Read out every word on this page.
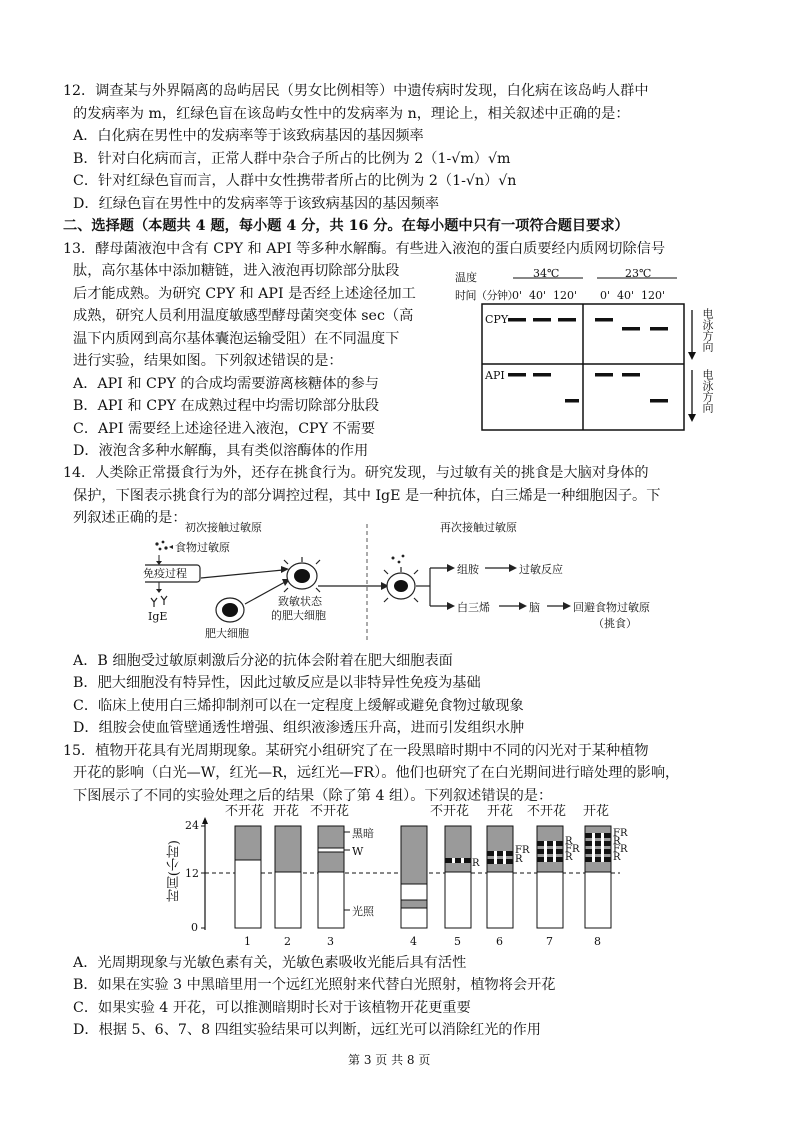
12．调查某与外界隔离的岛屿居民（男女比例相等）中遗传病时发现，白化病在该岛屿人群中
的发病率为 m，红绿色盲在该岛屿女性中的发病率为 n，理论上，相关叙述中正确的是：
A．白化病在男性中的发病率等于该致病基因的基因频率
B．针对白化病而言，正常人群中杂合子所占的比例为 2（1-√m）√m
C．针对红绿色盲而言，人群中女性携带者所占的比例为 2（1-√n）√n
D．红绿色盲在男性中的发病率等于该致病基因的基因频率
二、选择题（本题共 4 题，每小题 4 分，共 16 分。在每小题中只有一项符合题目要求）
13．酵母菌液泡中含有 CPY 和 API 等多种水解酶。有些进入液泡的蛋白质要经内质网切除信号
肽，高尔基体中添加糖链，进入液泡再切除部分肽段
后才能成熟。为研究 CPY 和 API 是否经上述途径加工
成熟，研究人员利用温度敏感型酵母菌突变体 sec（高
温下内质网到高尔基体囊泡运输受阻）在不同温度下
进行实验，结果如图。下列叙述错误的是：
A．API 和 CPY 的合成均需要游离核糖体的参与
B．API 和 CPY 在成熟过程中均需切除部分肽段
C．API 需要经上述途径进入液泡，CPY 不需要
D．液泡含多种水解酶，具有类似溶酶体的作用
温度
时间（分钟）
34℃	23℃
0'  40'  120' 0'  40'  120'
CPY
API
电泳方向
电泳方向
14．人类除正常摄食行为外，还存在挑食行为。研究发现，与过敏有关的挑食是大脑对身体的
保护，下图表示挑食行为的部分调控过程，其中 IgE 是一种抗体，白三烯是一种细胞因子。下
列叙述正确的是：
初次接触过敏原	再次接触过敏原
食物过敏原
免疫过程
IgE
肥大细胞
致敏状态
的肥大细胞
组胺	过敏反应
白三烯	脑	回避食物过敏原
（挑食）
A．B 细胞受过敏原刺激后分泌的抗体会附着在肥大细胞表面
B．肥大细胞没有特异性，因此过敏反应是以非特异性免疫为基础
C．临床上使用白三烯抑制剂可以在一定程度上缓解或避免食物过敏现象
D．组胺会使血管壁通透性增强、组织液渗透压升高，进而引发组织水肿
15．植物开花具有光周期现象。某研究小组研究了在一段黑暗时期中不同的闪光对于某种植物
开花的影响（白光—W，红光—R，远红光—FR）。他们也研究了在白光期间进行暗处理的影响，
下图展示了不同的实验处理之后的结果（除了第 4 组）。下列叙述错误的是：
不开花 开花 不开花	不开花 开花 不开花 开花
24
12
0
时间(小时)
黑暗
W
光照
R
FR
R
R
FR
R
FR
R
FR
R
1	2	3	4	5	6	7	8
A．光周期现象与光敏色素有关，光敏色素吸收光能后具有活性
B．如果在实验 3 中黑暗里用一个远红光照射来代替白光照射，植物将会开花
C．如果实验 4 开花，可以推测暗期时长对于该植物开花更重要
D．根据 5、6、7、8 四组实验结果可以判断，远红光可以消除红光的作用
第 3 页 共 8 页
